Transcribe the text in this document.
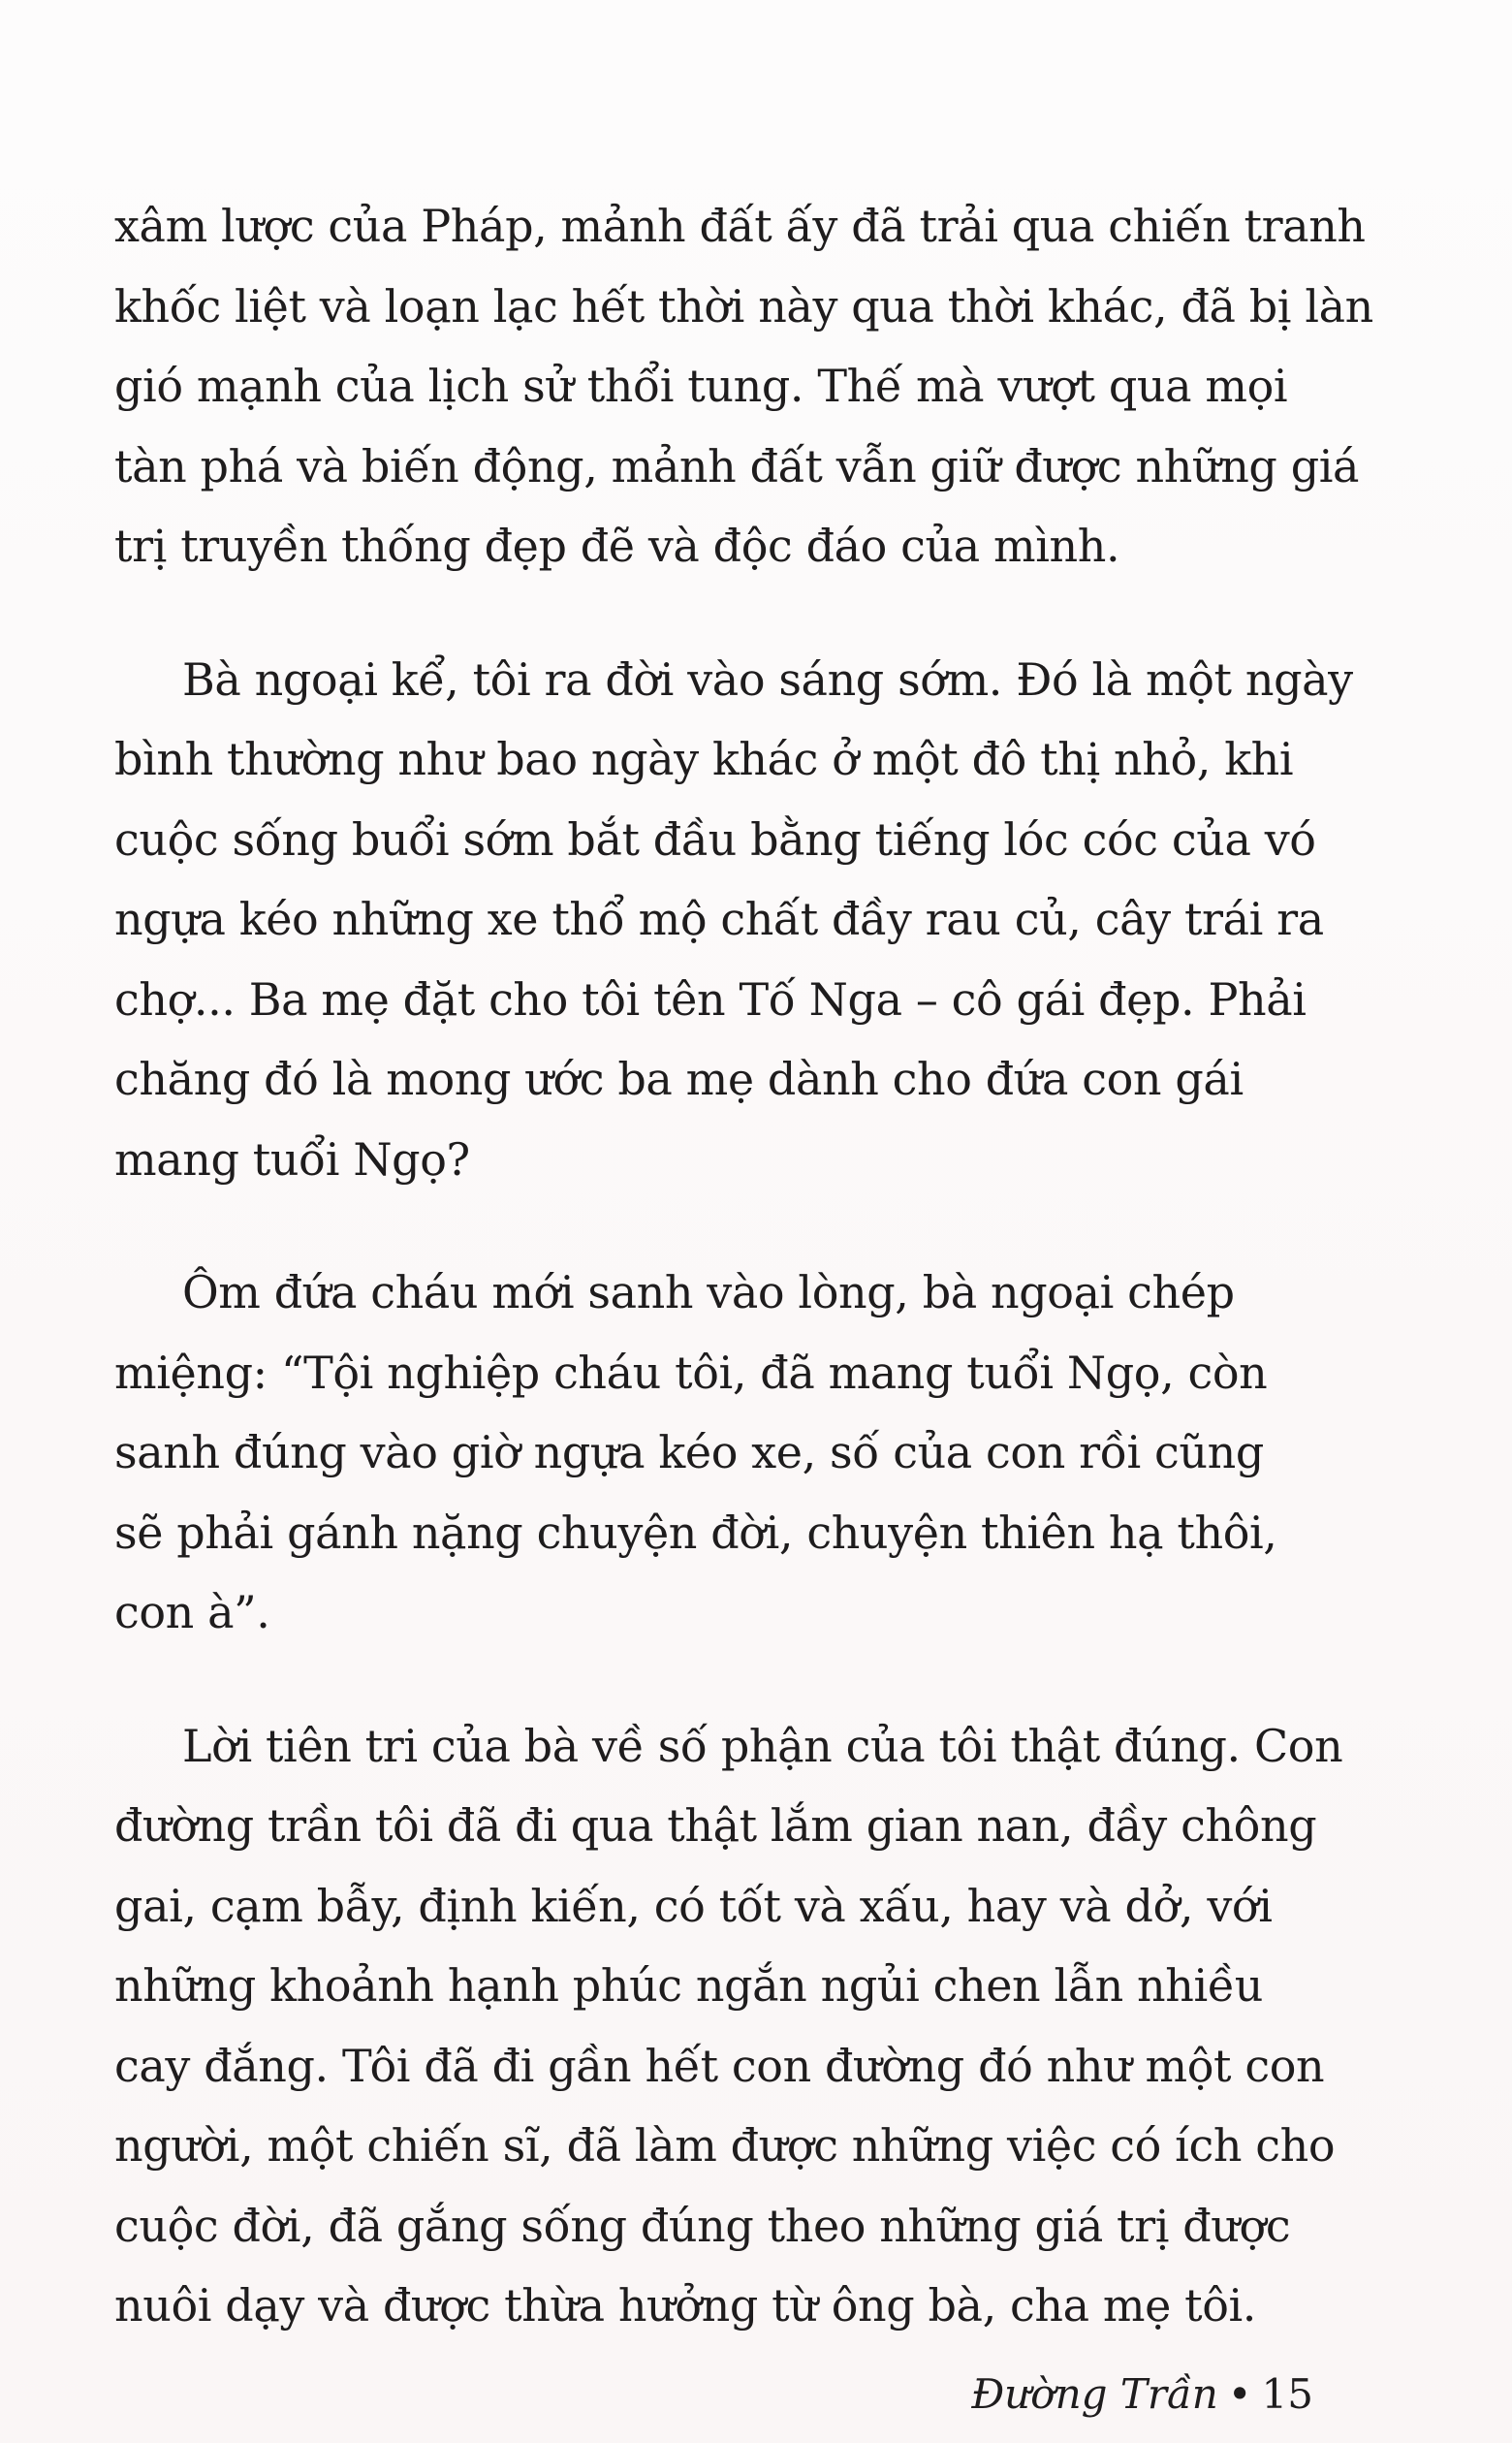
xâm lược của Pháp, mảnh đất ấy đã trải qua chiến tranh
khốc liệt và loạn lạc hết thời này qua thời khác, đã bị làn
gió mạnh của lịch sử thổi tung. Thế mà vượt qua mọi
tàn phá và biến động, mảnh đất vẫn giữ được những giá
trị truyền thống đẹp đẽ và độc đáo của mình.
Bà ngoại kể, tôi ra đời vào sáng sớm. Đó là một ngày
bình thường như bao ngày khác ở một đô thị nhỏ, khi
cuộc sống buổi sớm bắt đầu bằng tiếng lóc cóc của vó
ngựa kéo những xe thổ mộ chất đầy rau củ, cây trái ra
chợ... Ba mẹ đặt cho tôi tên Tố Nga – cô gái đẹp. Phải
chăng đó là mong ước ba mẹ dành cho đứa con gái
mang tuổi Ngọ?
Ôm đứa cháu mới sanh vào lòng, bà ngoại chép
miệng: “Tội nghiệp cháu tôi, đã mang tuổi Ngọ, còn
sanh đúng vào giờ ngựa kéo xe, số của con rồi cũng
sẽ phải gánh nặng chuyện đời, chuyện thiên hạ thôi,
con à”.
Lời tiên tri của bà về số phận của tôi thật đúng. Con
đường trần tôi đã đi qua thật lắm gian nan, đầy chông
gai, cạm bẫy, định kiến, có tốt và xấu, hay và dở, với
những khoảnh hạnh phúc ngắn ngủi chen lẫn nhiều
cay đắng. Tôi đã đi gần hết con đường đó như một con
người, một chiến sĩ, đã làm được những việc có ích cho
cuộc đời, đã gắng sống đúng theo những giá trị được
nuôi dạy và được thừa hưởng từ ông bà, cha mẹ tôi.
Đường Trần • 15
